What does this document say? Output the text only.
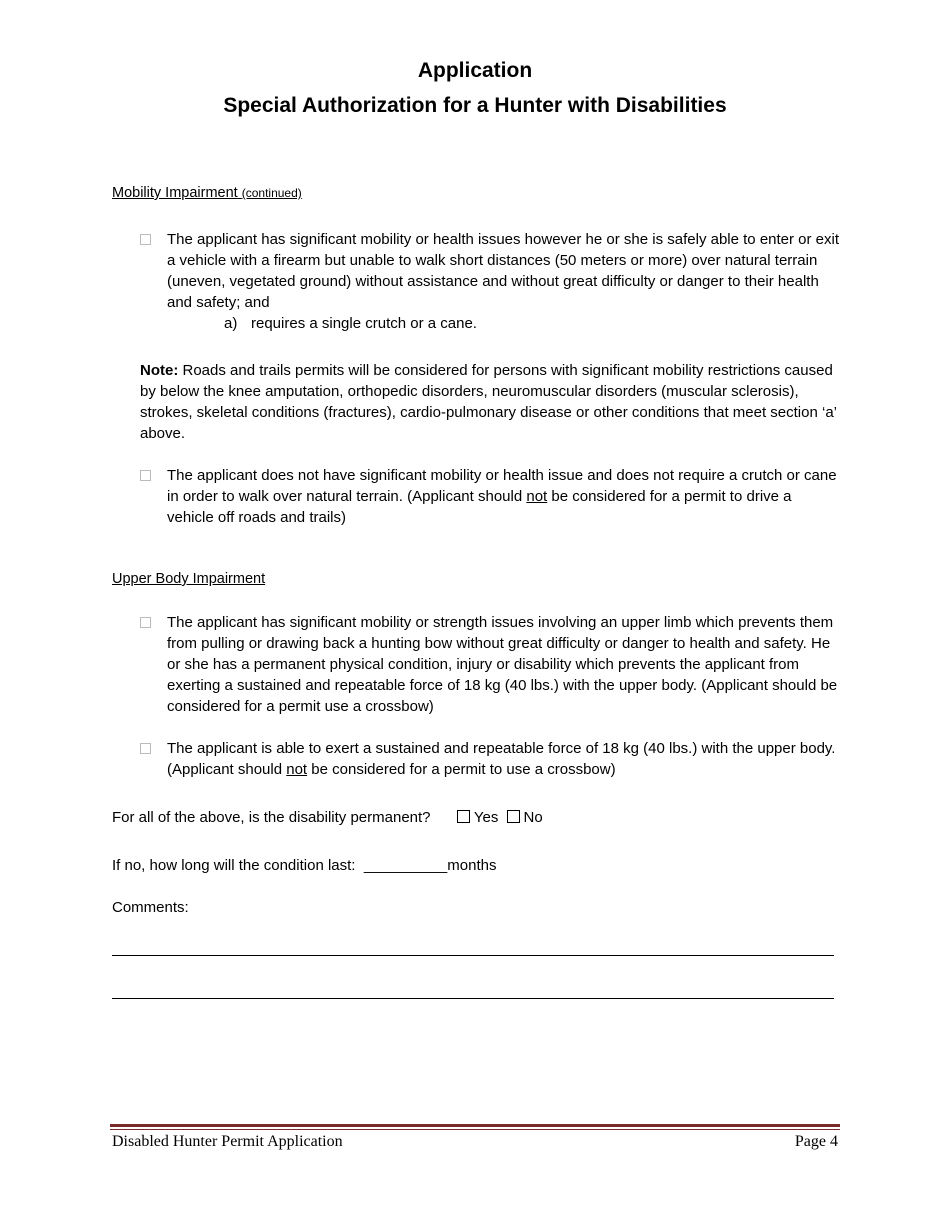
Application
Special Authorization for a Hunter with Disabilities
Mobility Impairment (continued)
The applicant has significant mobility or health issues however he or she is safely able to enter or exit a vehicle with a firearm but unable to walk short distances (50 meters or more) over natural terrain (uneven, vegetated ground) without assistance and without great difficulty or danger to their health and safety; and
a) requires a single crutch or a cane.
Note: Roads and trails permits will be considered for persons with significant mobility restrictions caused by below the knee amputation, orthopedic disorders, neuromuscular disorders (muscular sclerosis), strokes, skeletal conditions (fractures), cardio-pulmonary disease or other conditions that meet section ‘a’ above.
The applicant does not have significant mobility or health issue and does not require a crutch or cane in order to walk over natural terrain. (Applicant should not be considered for a permit to drive a vehicle off roads and trails)
Upper Body Impairment
The applicant has significant mobility or strength issues involving an upper limb which prevents them from pulling or drawing back a hunting bow without great difficulty or danger to health and safety. He or she has a permanent physical condition, injury or disability which prevents the applicant from exerting a sustained and repeatable force of 18 kg (40 lbs.) with the upper body. (Applicant should be considered for a permit use a crossbow)
The applicant is able to exert a sustained and repeatable force of 18 kg (40 lbs.) with the upper body. (Applicant should not be considered for a permit to use a crossbow)
For all of the above, is the disability permanent?	Yes No
If no, how long will the condition last: __________months
Comments:
Disabled Hunter Permit Application	Page 4
